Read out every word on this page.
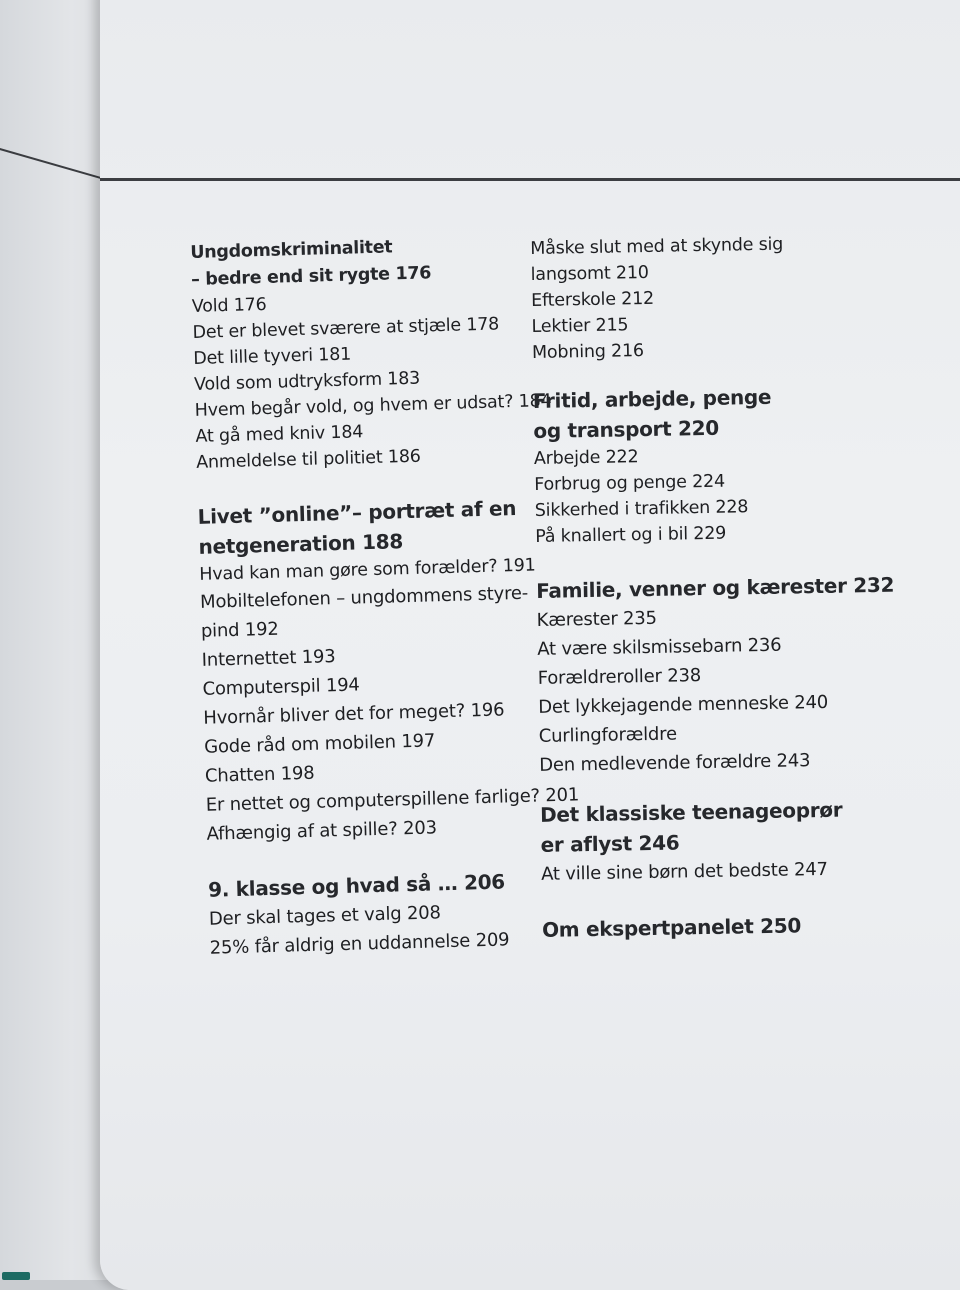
Ungdomskriminalitet
– bedre end sit rygte 176
Vold 176
Det er blevet sværere at stjæle 178
Det lille tyveri 181
Vold som udtryksform 183
Hvem begår vold, og hvem er udsat? 184
At gå med kniv 184
Anmeldelse til politiet 186
Livet ”online”– portræt af en
netgeneration 188
Hvad kan man gøre som forælder? 191
Mobiltelefonen – ungdommens styre-
pind 192
Internettet 193
Computerspil 194
Hvornår bliver det for meget? 196
Gode råd om mobilen 197
Chatten 198
Er nettet og computerspillene farlige? 201
Afhængig af at spille? 203
9. klasse og hvad så … 206
Der skal tages et valg 208
25% får aldrig en uddannelse 209
Måske slut med at skynde sig
langsomt 210
Efterskole 212
Lektier 215
Mobning 216
Fritid, arbejde, penge
og transport 220
Arbejde 222
Forbrug og penge 224
Sikkerhed i trafikken 228
På knallert og i bil 229
Familie, venner og kærester 232
Kærester 235
At være skilsmissebarn 236
Forældreroller 238
Det lykkejagende menneske 240
Curlingforældre
Den medlevende forældre 243
Det klassiske teenageoprør
er aflyst 246
At ville sine børn det bedste 247
Om ekspertpanelet 250
